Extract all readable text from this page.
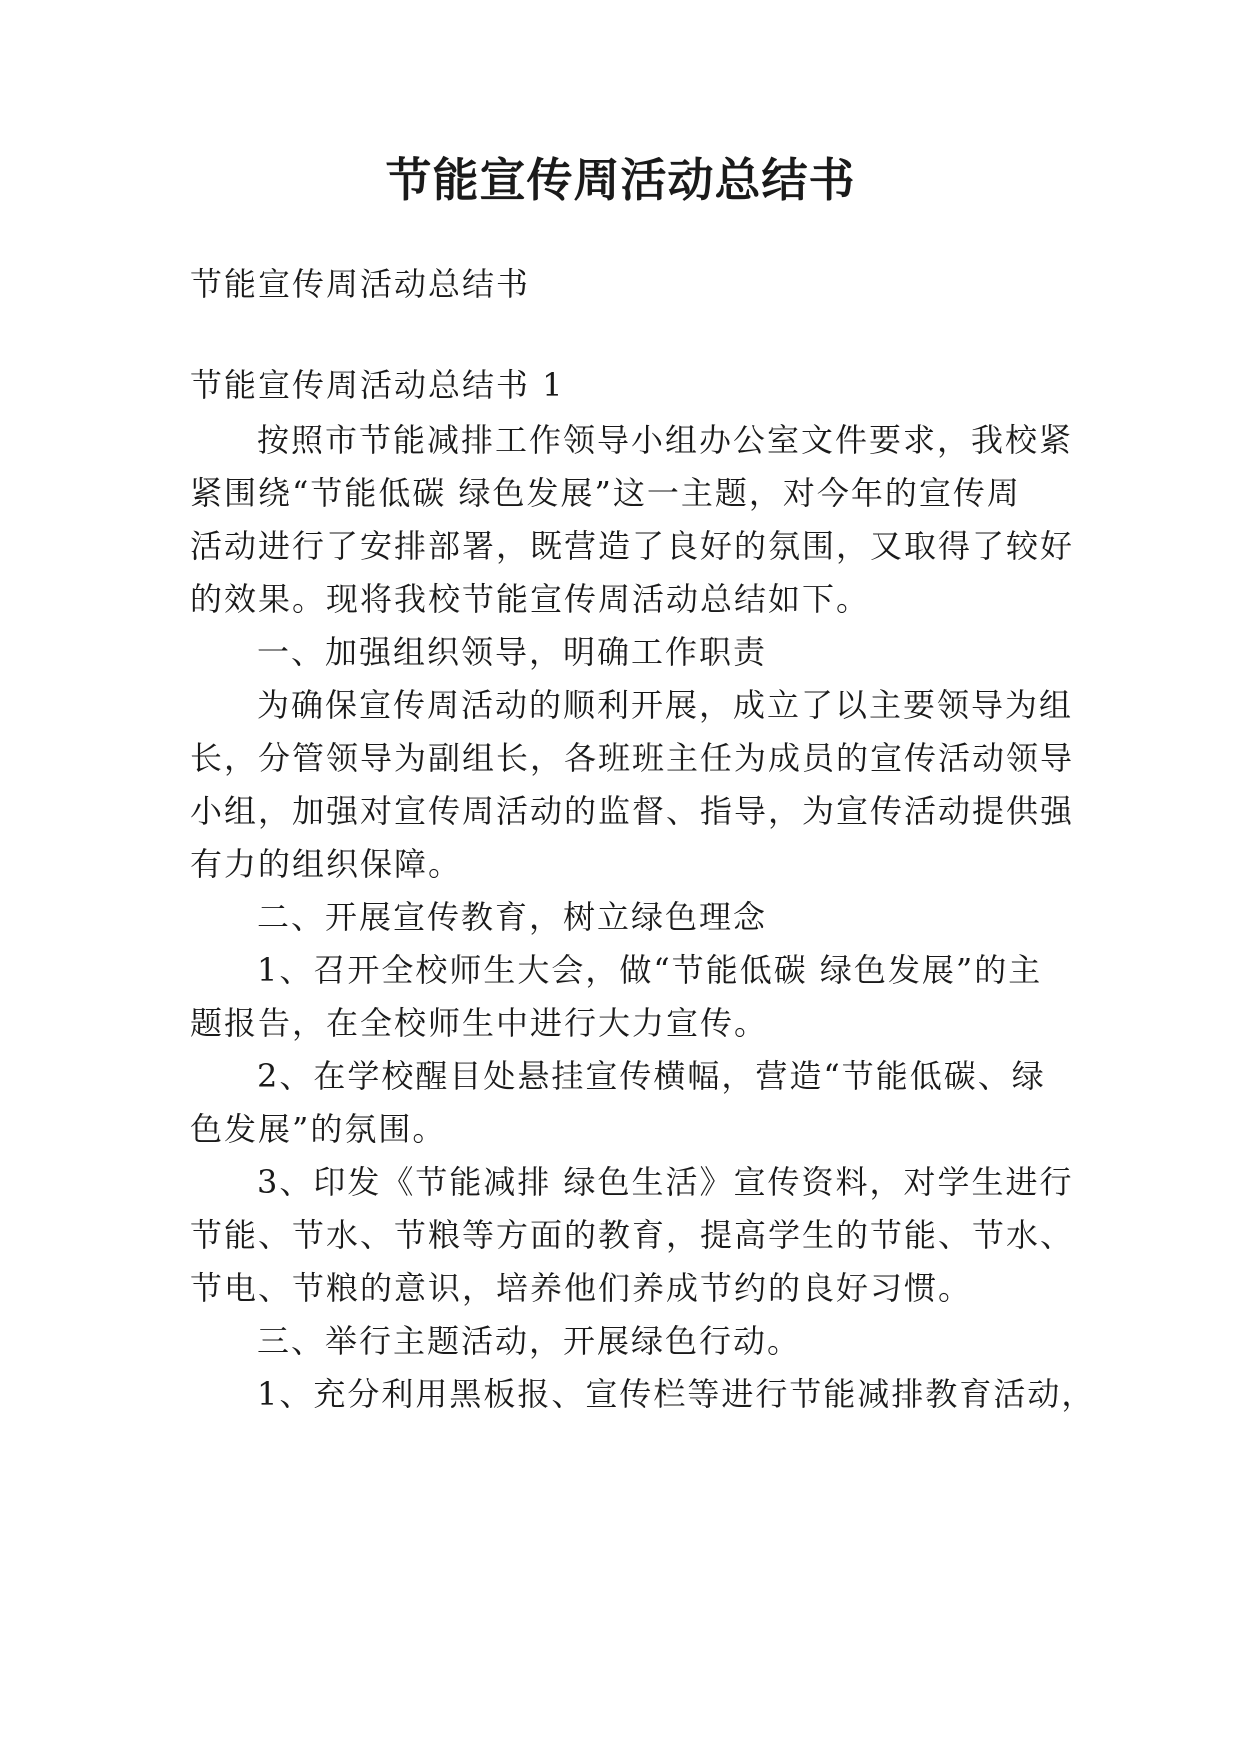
节能宣传周活动总结书
节能宣传周活动总结书
节能宣传周活动总结书 1
按照市节能减排工作领导小组办公室文件要求，我校紧
紧围绕“节能低碳 绿色发展”这一主题，对今年的宣传周
活动进行了安排部署，既营造了良好的氛围，又取得了较好
的效果。现将我校节能宣传周活动总结如下。
一、加强组织领导，明确工作职责
为确保宣传周活动的顺利开展，成立了以主要领导为组
长，分管领导为副组长，各班班主任为成员的宣传活动领导
小组，加强对宣传周活动的监督、指导，为宣传活动提供强
有力的组织保障。
二、开展宣传教育，树立绿色理念
1、召开全校师生大会，做“节能低碳 绿色发展”的主
题报告，在全校师生中进行大力宣传。
2、在学校醒目处悬挂宣传横幅，营造“节能低碳、绿
色发展”的氛围。
3、印发《节能减排 绿色生活》宣传资料，对学生进行
节能、节水、节粮等方面的教育，提高学生的节能、节水、
节电、节粮的意识，培养他们养成节约的良好习惯。
三、举行主题活动，开展绿色行动。
1、充分利用黑板报、宣传栏等进行节能减排教育活动，
